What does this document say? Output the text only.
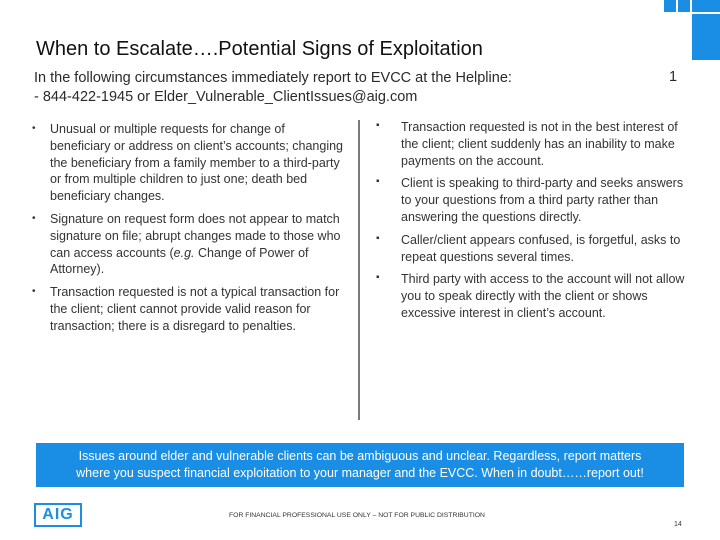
When to Escalate….Potential Signs of Exploitation
In the following circumstances immediately report to EVCC at the Helpline:
- 844-422-1945 or Elder_Vulnerable_ClientIssues@aig.com
1
• Unusual or multiple requests for change of beneficiary or address on client’s accounts; changing the beneficiary from a family member to a third-party or from multiple children to just one; death bed beneficiary changes.
• Signature on request form does not appear to match signature on file; abrupt changes made to those who can access accounts (e.g. Change of Power of Attorney).
• Transaction requested is not a typical transaction for the client; client cannot provide valid reason for transaction; there is a disregard to penalties.
▪ Transaction requested is not in the best interest of the client; client suddenly has an inability to make payments on the account.
▪ Client is speaking to third-party and seeks answers to your questions from a third party rather than answering the questions directly.
▪ Caller/client appears confused, is forgetful, asks to repeat questions several times.
▪ Third party with access to the account will not allow you to speak directly with the client or shows excessive interest in client’s account.
Issues around elder and vulnerable clients can be ambiguous and unclear. Regardless, report matters
where you suspect financial exploitation to your manager and the EVCC. When in doubt……report out!
AIG	FOR FINANCIAL PROFESSIONAL USE ONLY – NOT FOR PUBLIC DISTRIBUTION
14
